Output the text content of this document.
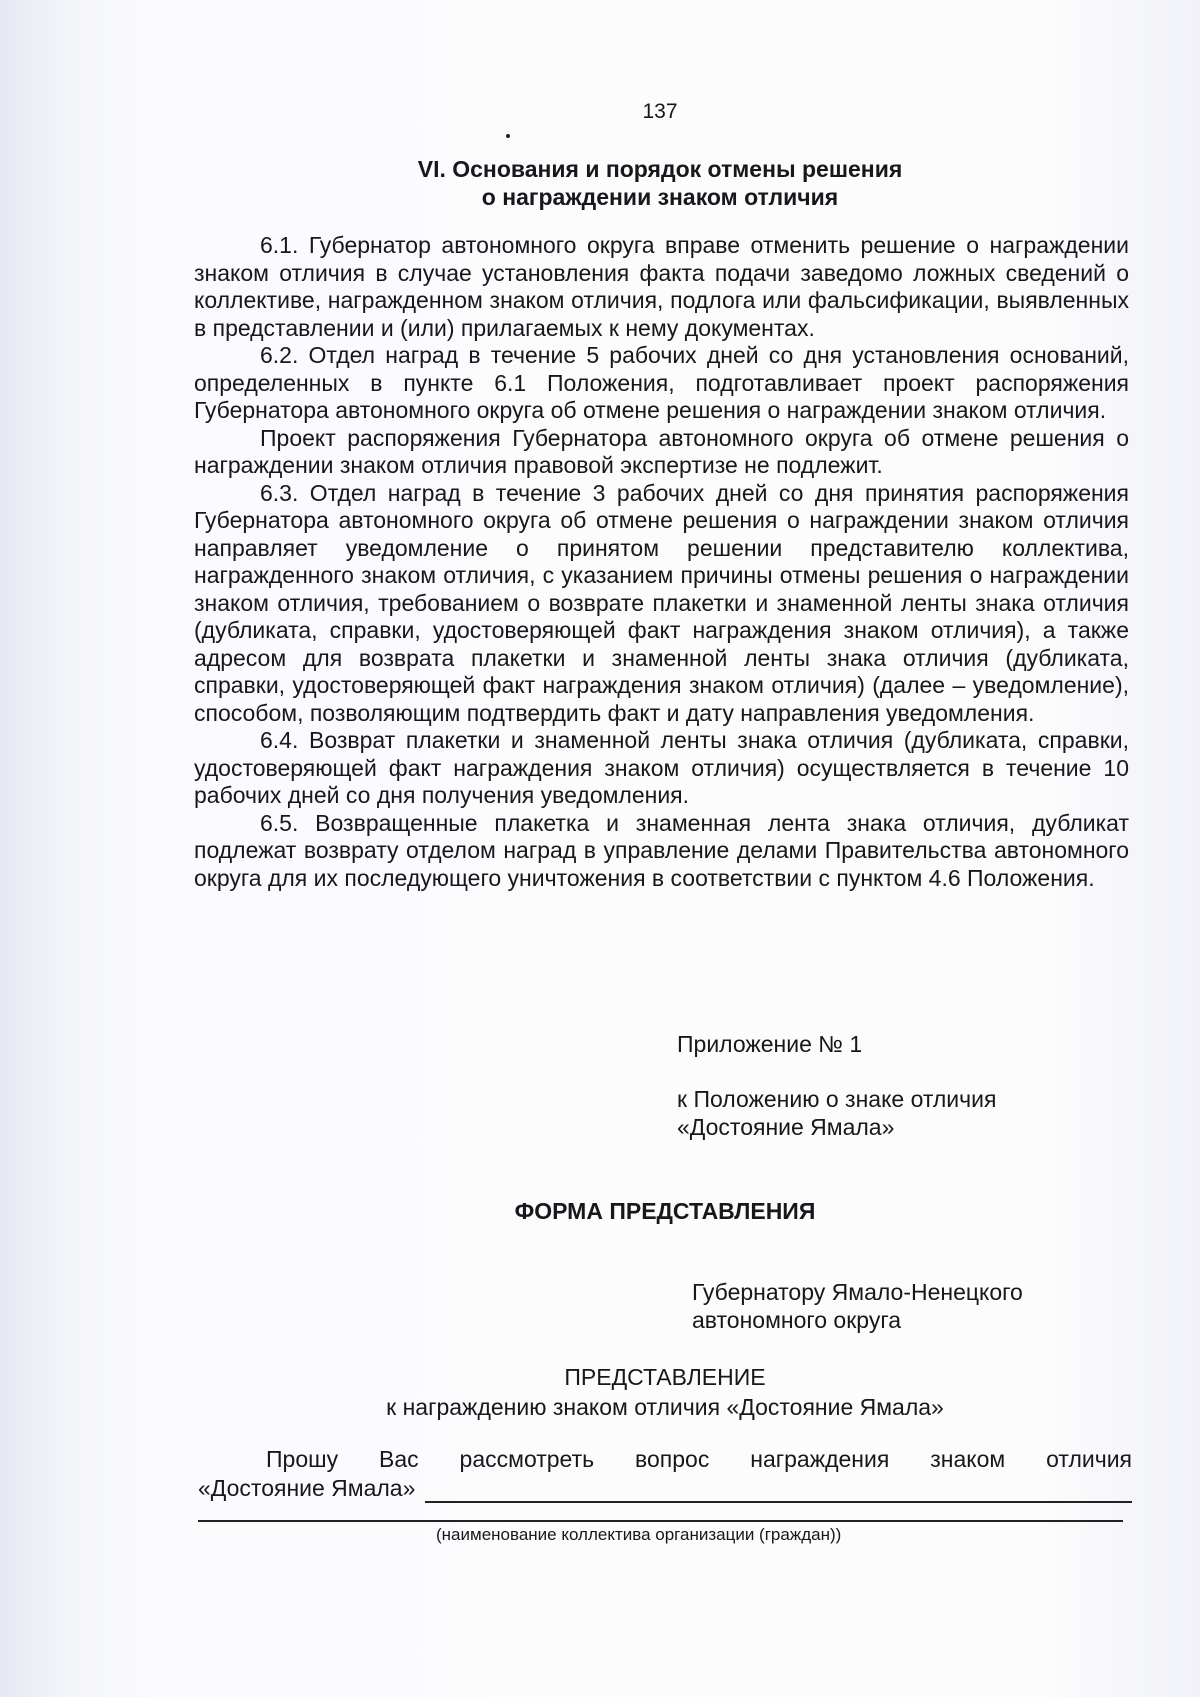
137
VI. Основания и порядок отмены решения
о награждении знаком отличия

6.1. Губернатор автономного округа вправе отменить решение о награждении знаком отличия в случае установления факта подачи заведомо ложных сведений о коллективе, награжденном знаком отличия, подлога или фальсификации, выявленных в представлении и (или) прилагаемых к нему документах.

6.2. Отдел наград в течение 5 рабочих дней со дня установления оснований, определенных в пункте 6.1 Положения, подготавливает проект распоряжения Губернатора автономного округа об отмене решения о награждении знаком отличия.

Проект распоряжения Губернатора автономного округа об отмене решения о награждении знаком отличия правовой экспертизе не подлежит.

6.3. Отдел наград в течение 3 рабочих дней со дня принятия распоряжения Губернатора автономного округа об отмене решения о награждении знаком отличия направляет уведомление о принятом решении представителю коллектива, награжденного знаком отличия, с указанием причины отмены решения о награждении знаком отличия, требованием о возврате плакетки и знаменной ленты знака отличия (дубликата, справки, удостоверяющей факт награждения знаком отличия), а также адресом для возврата плакетки и знаменной ленты знака отличия (дубликата, справки, удостоверяющей факт награждения знаком отличия) (далее – уведомление), способом, позволяющим подтвердить факт и дату направления уведомления.

6.4. Возврат плакетки и знаменной ленты знака отличия (дубликата, справки, удостоверяющей факт награждения знаком отличия) осуществляется в течение 10 рабочих дней со дня получения уведомления.

6.5. Возвращенные плакетка и знаменная лента знака отличия, дубликат подлежат возврату отделом наград в управление делами Правительства автономного округа для их последующего уничтожения в соответствии с пунктом 4.6 Положения.

Приложение № 1

к Положению о знаке отличия
«Достояние Ямала»

ФОРМА ПРЕДСТАВЛЕНИЯ
Губернатору Ямало-Ненецкого
автономного округа
ПРЕДСТАВЛЕНИЕ
к награждению знаком отличия «Достояние Ямала»

Прошу Вас рассмотреть вопрос награждения знаком отличия

«Достояние Ямала»
(наименование коллектива организации (граждан))
